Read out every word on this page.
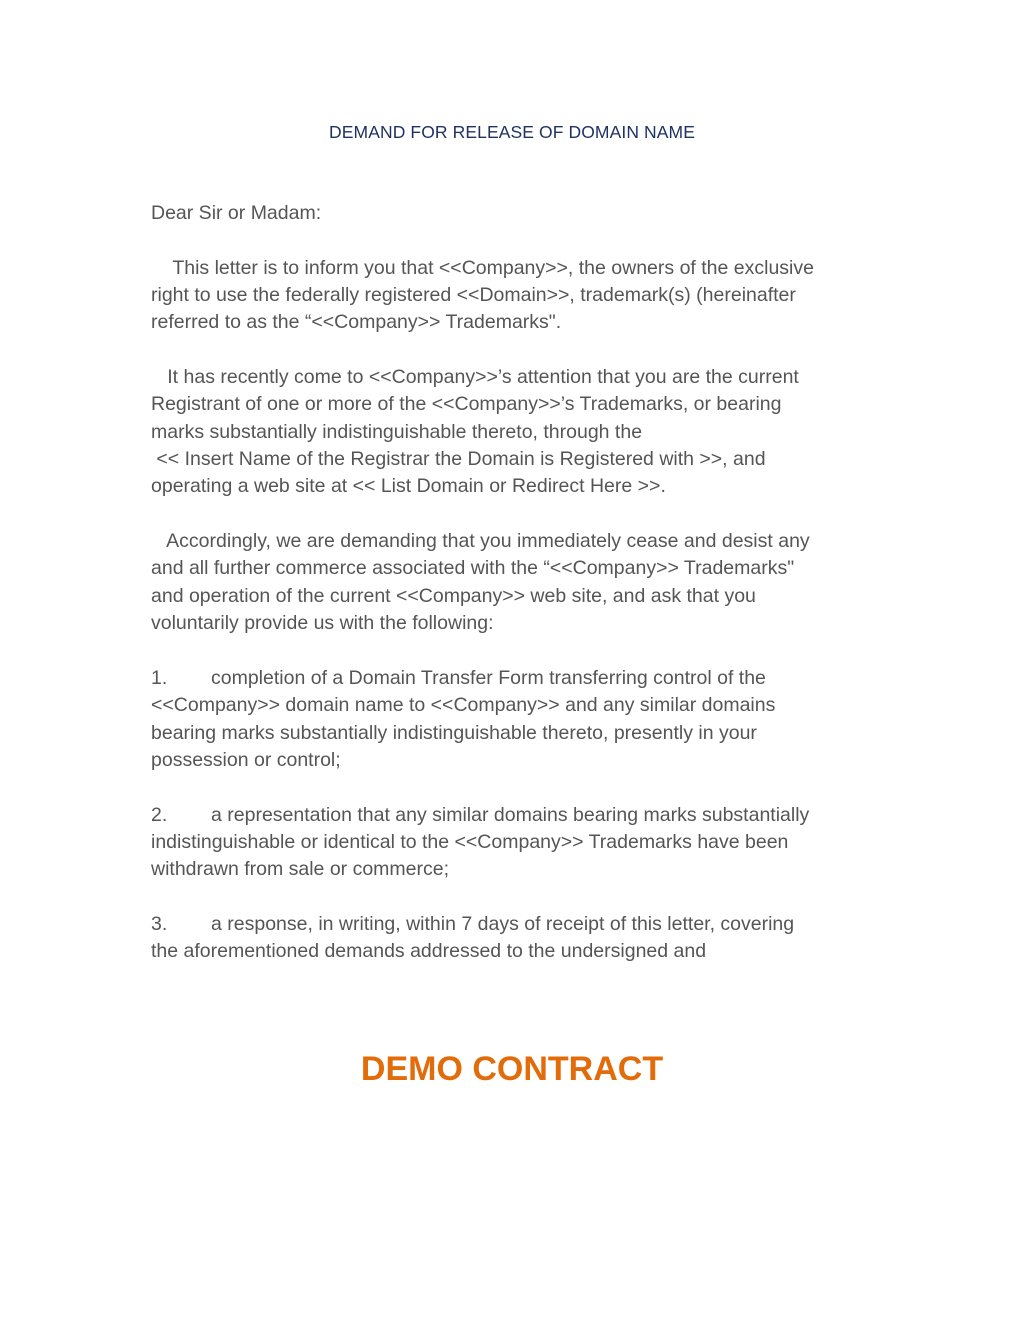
DEMAND FOR RELEASE OF DOMAIN NAME
Dear Sir or Madam:
This letter is to inform you that <<Company>>, the owners of the exclusive
right to use the federally registered <<Domain>>, trademark(s) (hereinafter
referred to as the “<<Company>> Trademarks".
It has recently come to <<Company>>’s attention that you are the current
Registrant of one or more of the <<Company>>’s Trademarks, or bearing
marks substantially indistinguishable thereto, through the
<< Insert Name of the Registrar the Domain is Registered with >>, and
operating a web site at << List Domain or Redirect Here >>.
Accordingly, we are demanding that you immediately cease and desist any
and all further commerce associated with the “<<Company>> Trademarks"
and operation of the current <<Company>> web site, and ask that you
voluntarily provide us with the following:
1. completion of a Domain Transfer Form transferring control of the
<<Company>> domain name to <<Company>> and any similar domains
bearing marks substantially indistinguishable thereto, presently in your
possession or control;
2. a representation that any similar domains bearing marks substantially
indistinguishable or identical to the <<Company>> Trademarks have been
withdrawn from sale or commerce;
3. a response, in writing, within 7 days of receipt of this letter, covering
the aforementioned demands addressed to the undersigned and
DEMO CONTRACT
